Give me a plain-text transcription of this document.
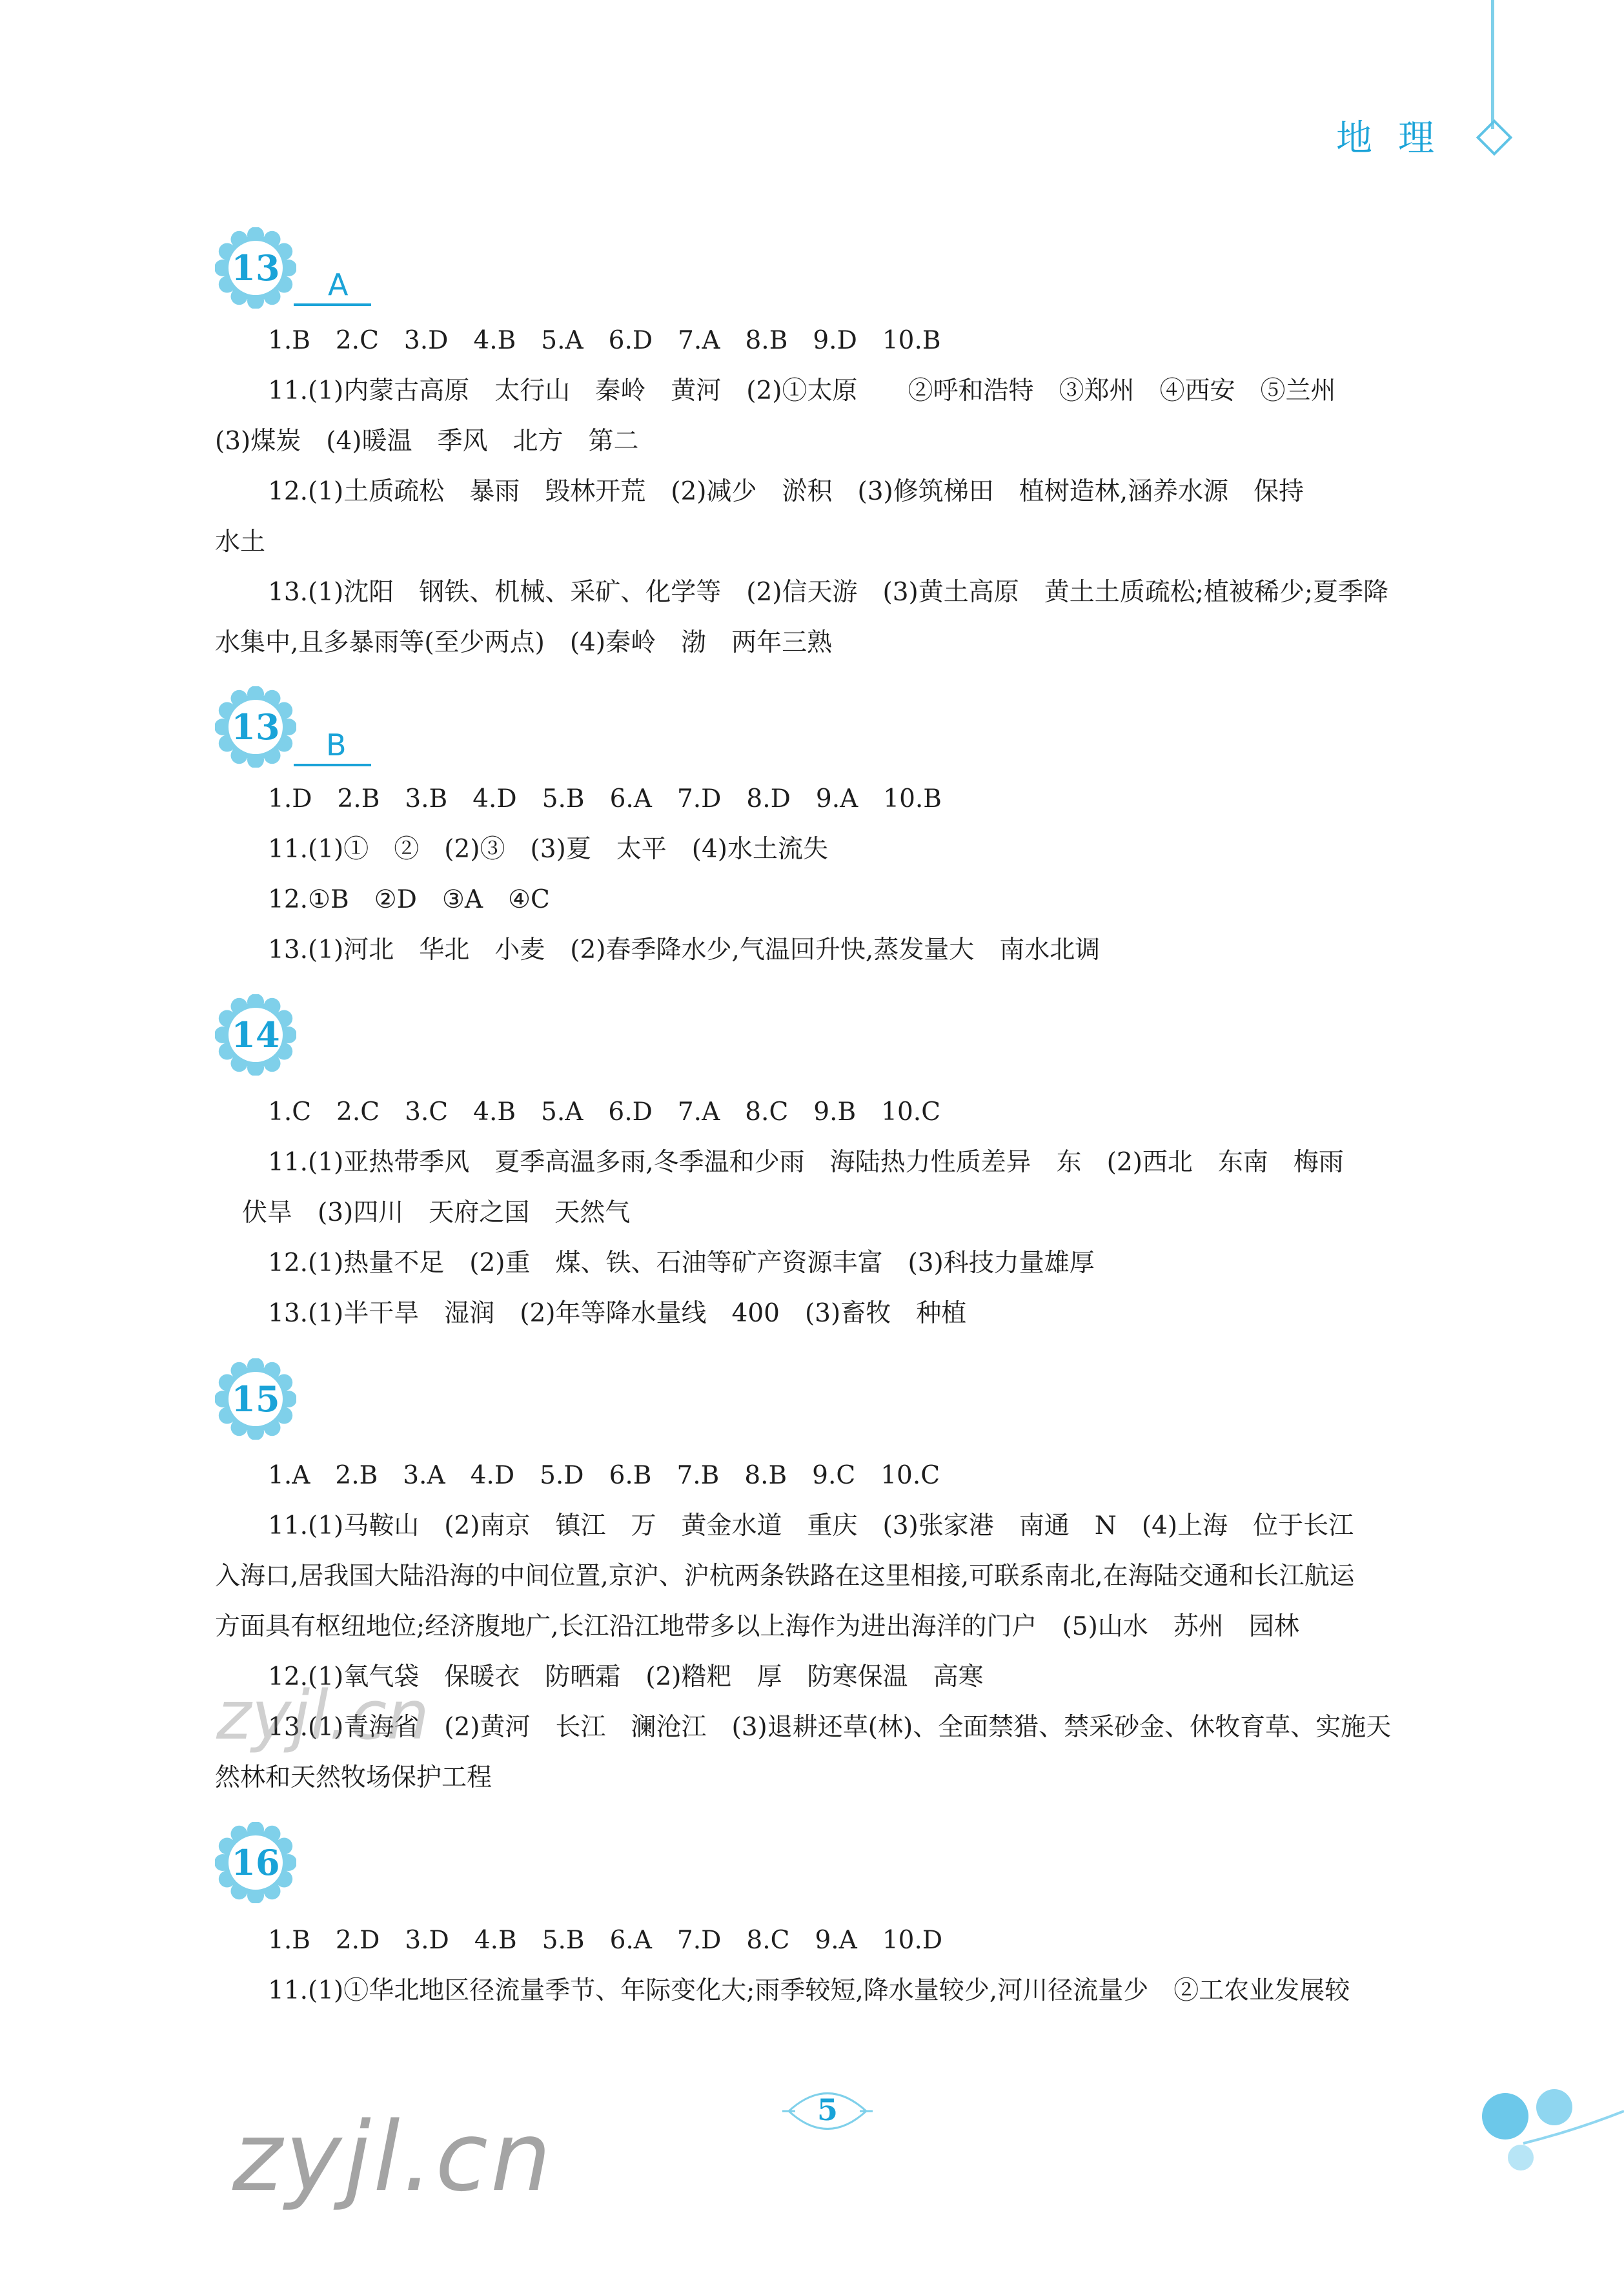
地理
13	A
1.B　2.C　3.D　4.B　5.A　6.D　7.A　8.B　9.D　10.B
11.(1)内蒙古高原　太行山　秦岭　黄河　(2)①太原　　②呼和浩特　③郑州　④西安　⑤兰州
(3)煤炭　(4)暖温　季风　北方　第二
12.(1)土质疏松　暴雨　毁林开荒　(2)减少　淤积　(3)修筑梯田　植树造林,涵养水源　保持
水土
13.(1)沈阳　钢铁、机械、采矿、化学等　(2)信天游　(3)黄土高原　黄土土质疏松;植被稀少;夏季降
水集中,且多暴雨等(至少两点)　(4)秦岭　渤　两年三熟
13	B
1.D　2.B　3.B　4.D　5.B　6.A　7.D　8.D　9.A　10.B
11.(1)①　②　(2)③　(3)夏　太平　(4)水土流失
12.①B　②D　③A　④C
13.(1)河北　华北　小麦　(2)春季降水少,气温回升快,蒸发量大　南水北调
14
1.C　2.C　3.C　4.B　5.A　6.D　7.A　8.C　9.B　10.C
11.(1)亚热带季风　夏季高温多雨,冬季温和少雨　海陆热力性质差异　东　(2)西北　东南　梅雨
伏旱　(3)四川　天府之国　天然气
12.(1)热量不足　(2)重　煤、铁、石油等矿产资源丰富　(3)科技力量雄厚
13.(1)半干旱　湿润　(2)年等降水量线　400　(3)畜牧　种植
15
1.A　2.B　3.A　4.D　5.D　6.B　7.B　8.B　9.C　10.C
11.(1)马鞍山　(2)南京　镇江　万　黄金水道　重庆　(3)张家港　南通　N　(4)上海　位于长江
入海口,居我国大陆沿海的中间位置,京沪、沪杭两条铁路在这里相接,可联系南北,在海陆交通和长江航运
方面具有枢纽地位;经济腹地广,长江沿江地带多以上海作为进出海洋的门户　(5)山水　苏州　园林
12.(1)氧气袋　保暖衣　防晒霜　(2)糌粑　厚　防寒保温　高寒
13.(1)青海省　(2)黄河　长江　澜沧江　(3)退耕还草(林)、全面禁猎、禁采砂金、休牧育草、实施天
然林和天然牧场保护工程
zyjl.cn
16
1.B　2.D　3.D　4.B　5.B　6.A　7.D　8.C　9.A　10.D
11.(1)①华北地区径流量季节、年际变化大;雨季较短,降水量较少,河川径流量少　②工农业发展较
5
zyjl.cn
